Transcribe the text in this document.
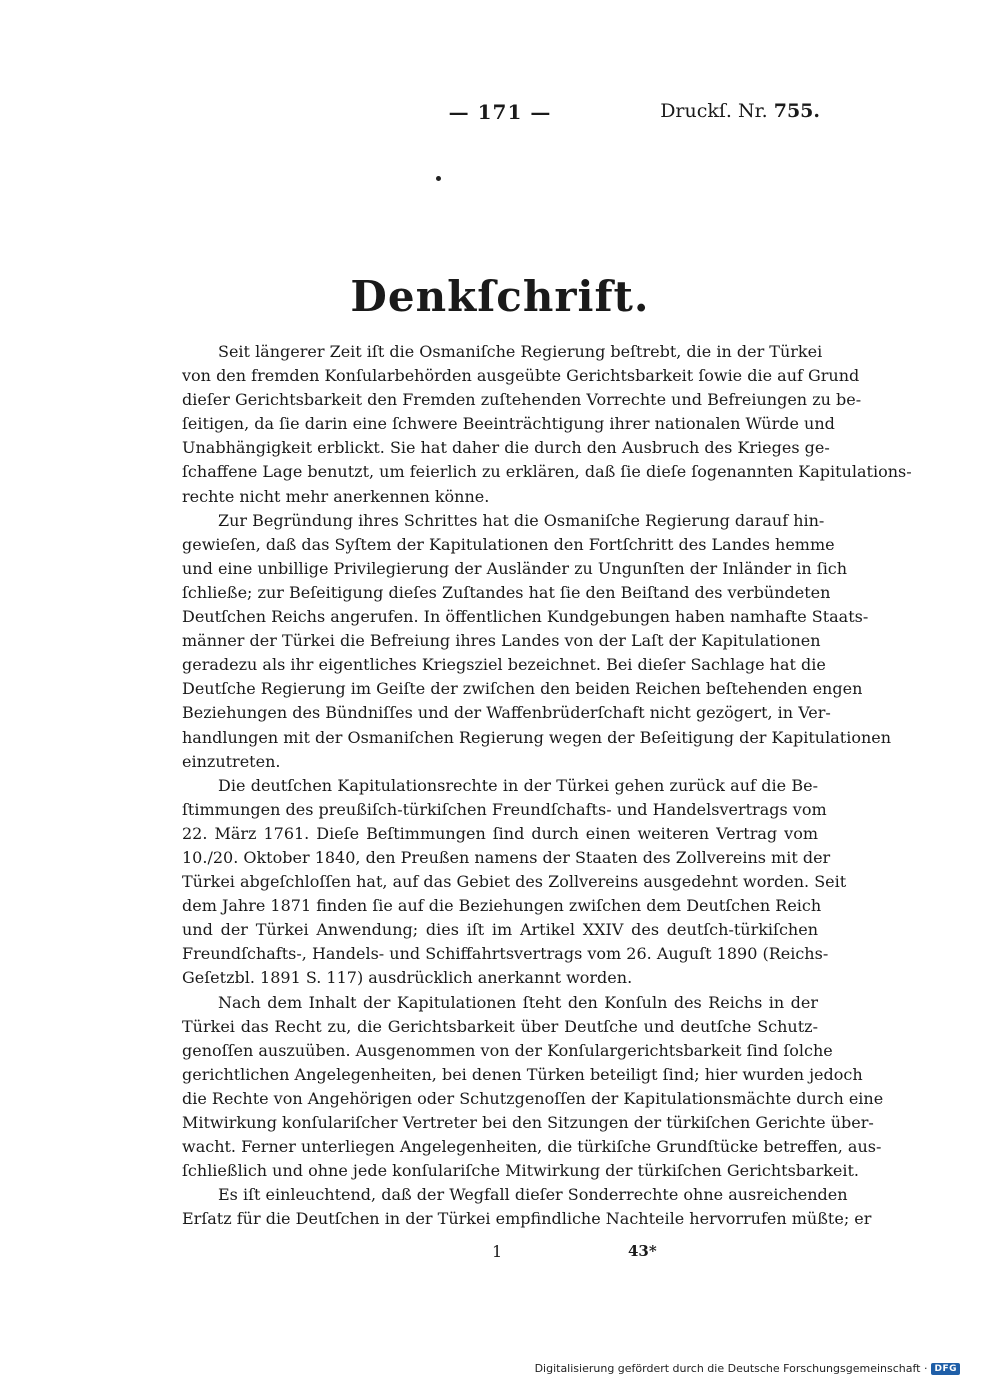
— 171 —	Druckſ. Nr. 755.
Denkſchrift.
Seit längerer Zeit iſt die Osmaniſche Regierung beſtrebt, die in der Türkei
von den fremden Konſularbehörden ausgeübte Gerichtsbarkeit ſowie die auf Grund
dieſer Gerichtsbarkeit den Fremden zuſtehenden Vorrechte und Befreiungen zu be-
ſeitigen, da ſie darin eine ſchwere Beeinträchtigung ihrer nationalen Würde und
Unabhängigkeit erblickt. Sie hat daher die durch den Ausbruch des Krieges ge-
ſchaffene Lage benutzt, um feierlich zu erklären, daß ſie dieſe ſogenannten Kapitulations-
rechte nicht mehr anerkennen könne.
Zur Begründung ihres Schrittes hat die Osmaniſche Regierung darauf hin-
gewieſen, daß das Syſtem der Kapitulationen den Fortſchritt des Landes hemme
und eine unbillige Privilegierung der Ausländer zu Ungunſten der Inländer in ſich
ſchließe; zur Beſeitigung dieſes Zuſtandes hat ſie den Beiſtand des verbündeten
Deutſchen Reichs angerufen. In öffentlichen Kundgebungen haben namhafte Staats-
männer der Türkei die Befreiung ihres Landes von der Laſt der Kapitulationen
geradezu als ihr eigentliches Kriegsziel bezeichnet. Bei dieſer Sachlage hat die
Deutſche Regierung im Geiſte der zwiſchen den beiden Reichen beſtehenden engen
Beziehungen des Bündniſſes und der Waffenbrüderſchaft nicht gezögert, in Ver-
handlungen mit der Osmaniſchen Regierung wegen der Beſeitigung der Kapitulationen
einzutreten.
Die deutſchen Kapitulationsrechte in der Türkei gehen zurück auf die Be-
ſtimmungen des preußiſch-türkiſchen Freundſchafts- und Handelsvertrags vom
22. März 1761. Dieſe Beſtimmungen ſind durch einen weiteren Vertrag vom
10./20. Oktober 1840, den Preußen namens der Staaten des Zollvereins mit der
Türkei abgeſchloſſen hat, auf das Gebiet des Zollvereins ausgedehnt worden. Seit
dem Jahre 1871 finden ſie auf die Beziehungen zwiſchen dem Deutſchen Reich
und der Türkei Anwendung; dies iſt im Artikel XXIV des deutſch-türkiſchen
Freundſchafts-, Handels- und Schiffahrtsvertrags vom 26. Auguſt 1890 (Reichs-
Geſetzbl. 1891 S. 117) ausdrücklich anerkannt worden.
Nach dem Inhalt der Kapitulationen ſteht den Konſuln des Reichs in der
Türkei das Recht zu, die Gerichtsbarkeit über Deutſche und deutſche Schutz-
genoſſen auszuüben. Ausgenommen von der Konſulargerichtsbarkeit ſind ſolche
gerichtlichen Angelegenheiten, bei denen Türken beteiligt ſind; hier wurden jedoch
die Rechte von Angehörigen oder Schutzgenoſſen der Kapitulationsmächte durch eine
Mitwirkung konſulariſcher Vertreter bei den Sitzungen der türkiſchen Gerichte über-
wacht. Ferner unterliegen Angelegenheiten, die türkiſche Grundſtücke betreffen, aus-
ſchließlich und ohne jede konſulariſche Mitwirkung der türkiſchen Gerichtsbarkeit.
Es iſt einleuchtend, daß der Wegfall dieſer Sonderrechte ohne ausreichenden
Erſatz für die Deutſchen in der Türkei empfindliche Nachteile hervorrufen müßte; er
1	43*
Digitalisierung gefördert durch die Deutsche Forschungsgemeinschaft · DFG
